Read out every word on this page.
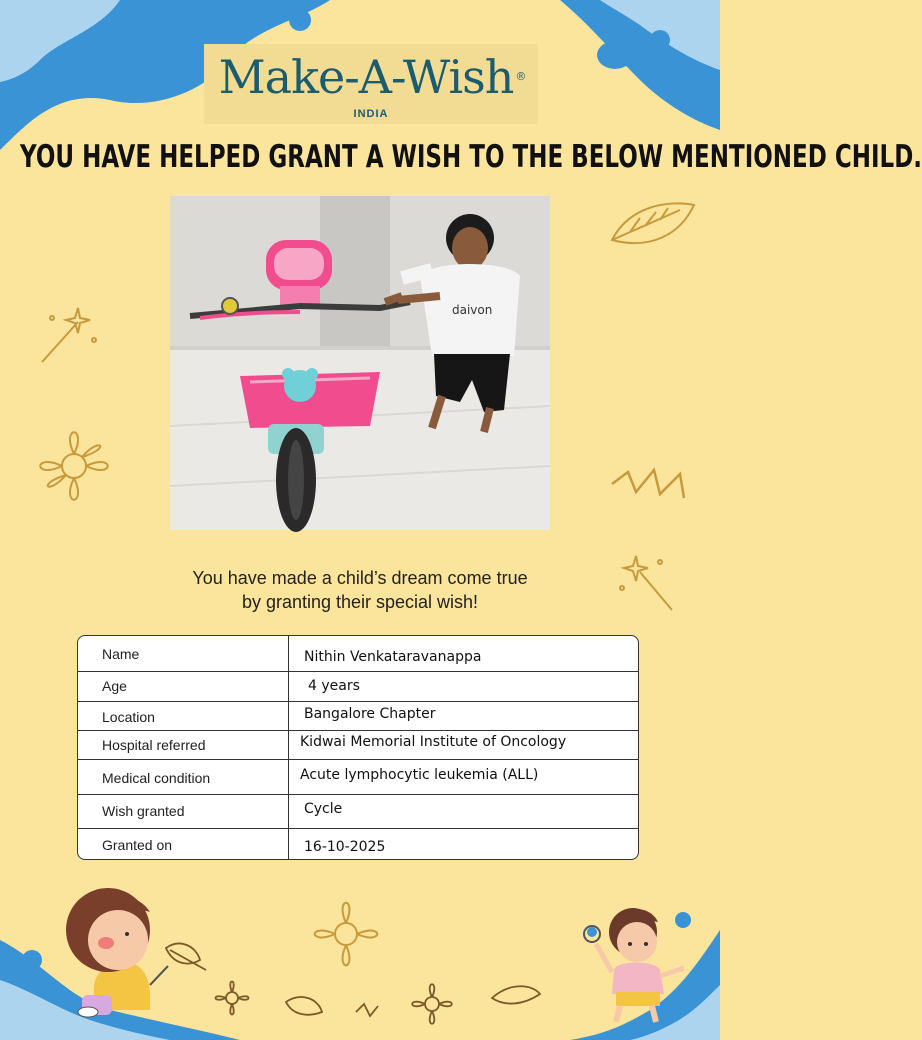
Make-A-Wish ®
INDIA
YOU HAVE HELPED GRANT A WISH TO THE BELOW MENTIONED CHILD.
daivon
You have made a child’s dream come true
by granting their special wish!
Name	Nithin Venkataravanappa
Age	4 years
Location	Bangalore Chapter
Hospital referred	Kidwai Memorial Institute of Oncology
Medical condition	Acute lymphocytic leukemia (ALL)
Wish granted	Cycle
Granted on	16-10-2025
